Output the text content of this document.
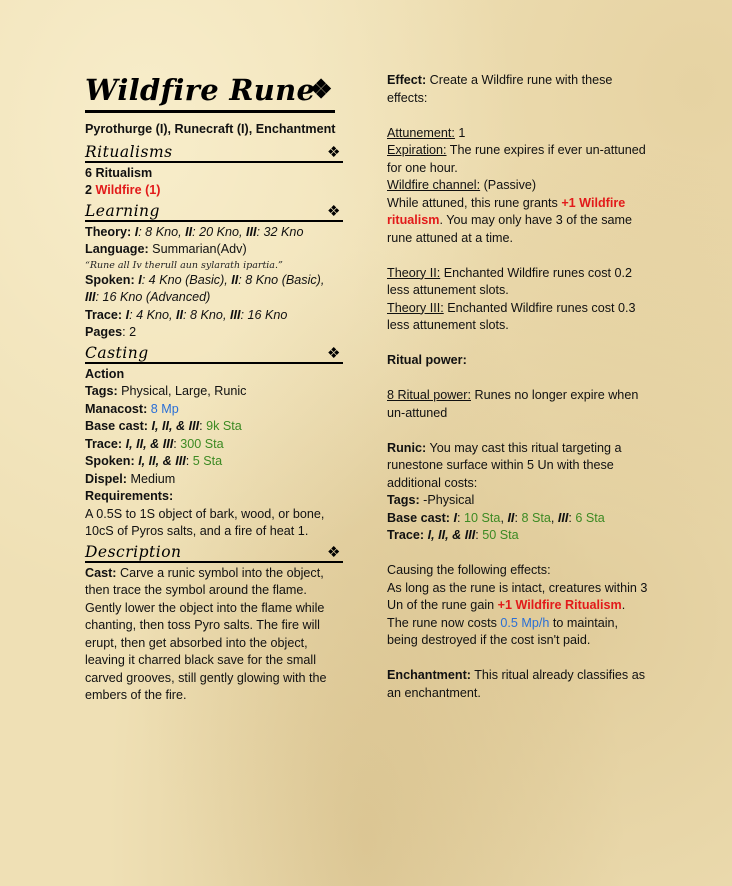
Wildfire Rune
❖
Pyrothurge (I), Runecraft (I), Enchantment
Ritualisms	❖
6 Ritualism
2 Wildfire (1)
Learning	❖
Theory: I: 8 Kno, II: 20 Kno, III: 32 Kno
Language: Summarian(Adv)
“Rune all Iv therull aun sylarath ipartia.”
Spoken: I: 4 Kno (Basic), II: 8 Kno (Basic),
III: 16 Kno (Advanced)
Trace: I: 4 Kno, II: 8 Kno, III: 16 Kno
Pages: 2
Casting	❖
Action
Tags: Physical, Large, Runic
Manacost: 8 Mp
Base cast: I, II, & III: 9k Sta
Trace: I, II, & III: 300 Sta
Spoken: I, II, & III: 5 Sta
Dispel: Medium
Requirements:
A 0.5S to 1S object of bark, wood, or bone, 10cS of Pyros salts, and a fire of heat 1.
Description	❖
Cast: Carve a runic symbol into the object, then trace the symbol around the flame. Gently lower the object into the flame while chanting, then toss Pyro salts. The fire will erupt, then get absorbed into the object, leaving it charred black save for the small carved grooves, still gently glowing with the embers of the fire.
Effect: Create a Wildfire rune with these effects:
Attunement: 1
Expiration: The rune expires if ever un-attuned for one hour.
Wildfire channel: (Passive)
While attuned, this rune grants +1 Wildfire ritualism. You may only have 3 of the same rune attuned at a time.
Theory II: Enchanted Wildfire runes cost 0.2 less attunement slots.
Theory III: Enchanted Wildfire runes cost 0.3 less attunement slots.
Ritual power:
8 Ritual power: Runes no longer expire when un-attuned
Runic: You may cast this ritual targeting a runestone surface within 5 Un with these additional costs:
Tags: -Physical
Base cast: I: 10 Sta, II: 8 Sta, III: 6 Sta
Trace: I, II, & III: 50 Sta
Causing the following effects:
As long as the rune is intact, creatures within 3 Un of the rune gain +1 Wildfire Ritualism. The rune now costs 0.5 Mp/h to maintain, being destroyed if the cost isn't paid.
Enchantment: This ritual already classifies as an enchantment.
